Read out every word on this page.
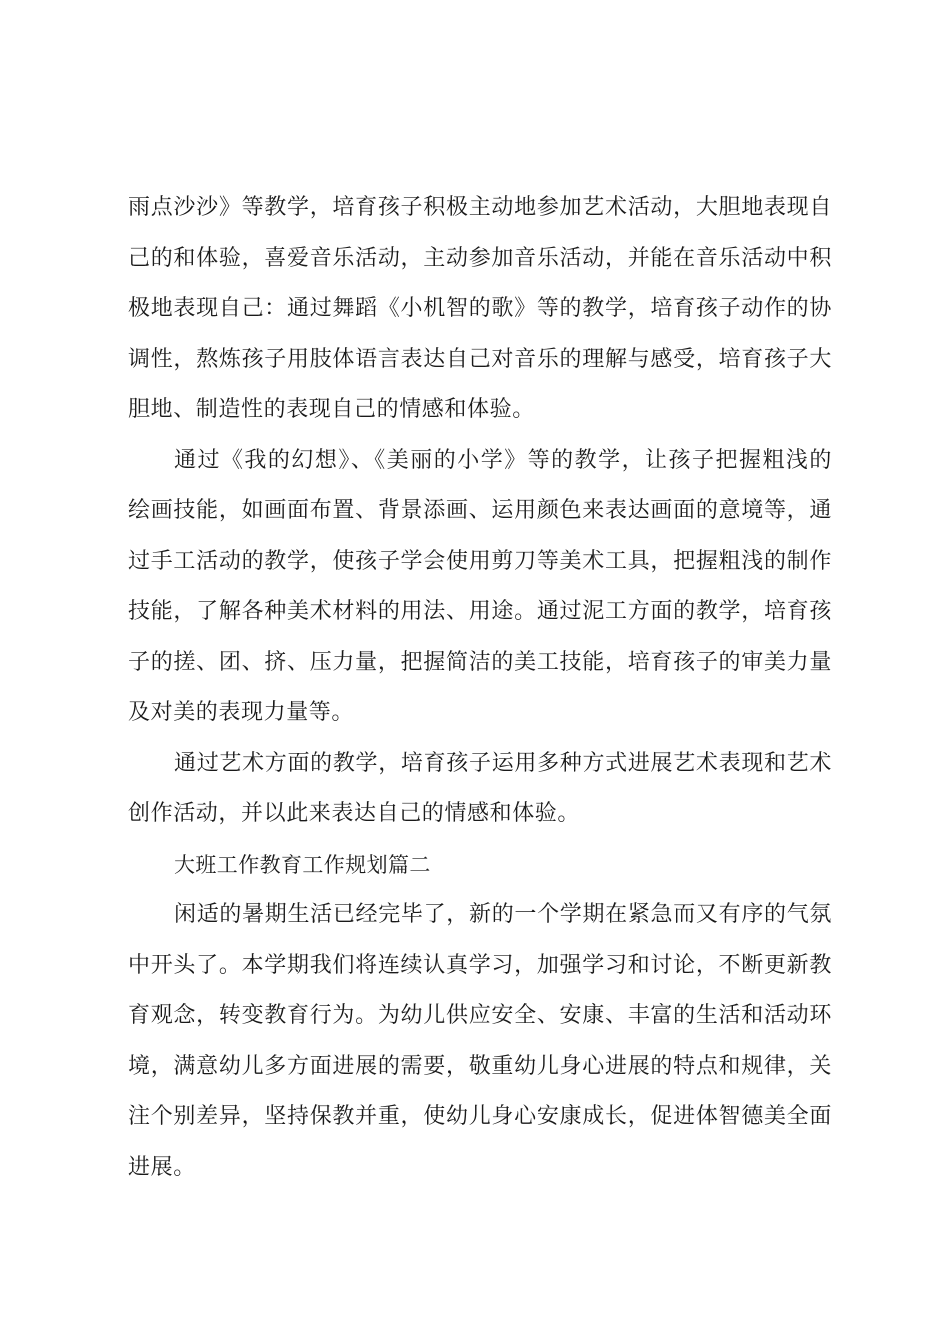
雨点沙沙》等教学，培育孩子积极主动地参加艺术活动，大胆地表现自
己的和体验，喜爱音乐活动，主动参加音乐活动，并能在音乐活动中积
极地表现自己：通过舞蹈《小机智的歌》等的教学，培育孩子动作的协
调性，熬炼孩子用肢体语言表达自己对音乐的理解与感受，培育孩子大
胆地、制造性的表现自己的情感和体验。
通过《我的幻想》、《美丽的小学》等的教学，让孩子把握粗浅的
绘画技能，如画面布置、背景添画、运用颜色来表达画面的意境等，通
过手工活动的教学，使孩子学会使用剪刀等美术工具，把握粗浅的制作
技能，了解各种美术材料的用法、用途。通过泥工方面的教学，培育孩
子的搓、团、挤、压力量，把握简洁的美工技能，培育孩子的审美力量
及对美的表现力量等。
通过艺术方面的教学，培育孩子运用多种方式进展艺术表现和艺术
创作活动，并以此来表达自己的情感和体验。
大班工作教育工作规划篇二
闲适的暑期生活已经完毕了，新的一个学期在紧急而又有序的气氛
中开头了。本学期我们将连续认真学习，加强学习和讨论，不断更新教
育观念，转变教育行为。为幼儿供应安全、安康、丰富的生活和活动环
境，满意幼儿多方面进展的需要，敬重幼儿身心进展的特点和规律，关
注个别差异，坚持保教并重，使幼儿身心安康成长，促进体智德美全面
进展。
